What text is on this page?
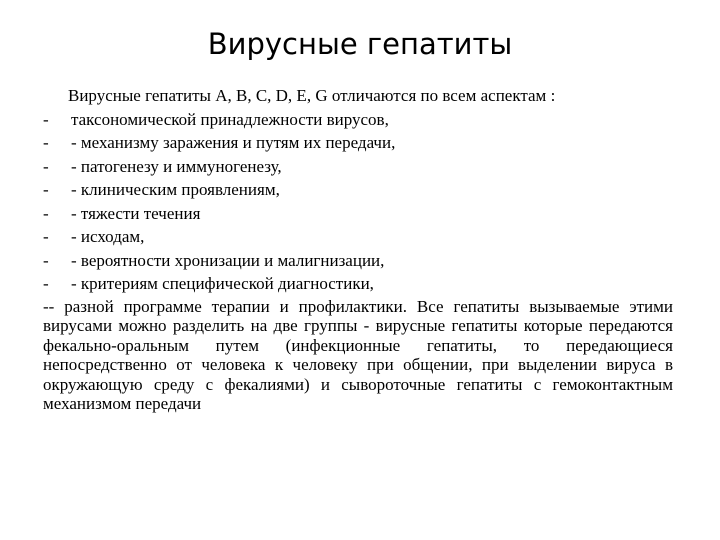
Вирусные гепатиты
Вирусные гепатиты А, В, С, D, E, G отличаются по всем аспектам :
-	таксономической принадлежности вирусов,
-	- механизму заражения и путям их передачи,
-	- патогенезу и иммуногенезу,
-	- клиническим проявлениям,
-	- тяжести течения
-	- исходам,
-	- вероятности хронизации и малигнизации,
-	- критериям специфической диагностики,
-- разной программе терапии и профилактики. Все гепатиты вызываемые этими вирусами можно разделить на две группы - вирусные гепатиты которые передаются фекально-оральным путем (инфекционные гепатиты, то передающиеся непосредственно от человека к человеку при общении, при выделении вируса в окружающую среду с фекалиями) и сывороточные гепатиты с гемоконтактным механизмом передачи
